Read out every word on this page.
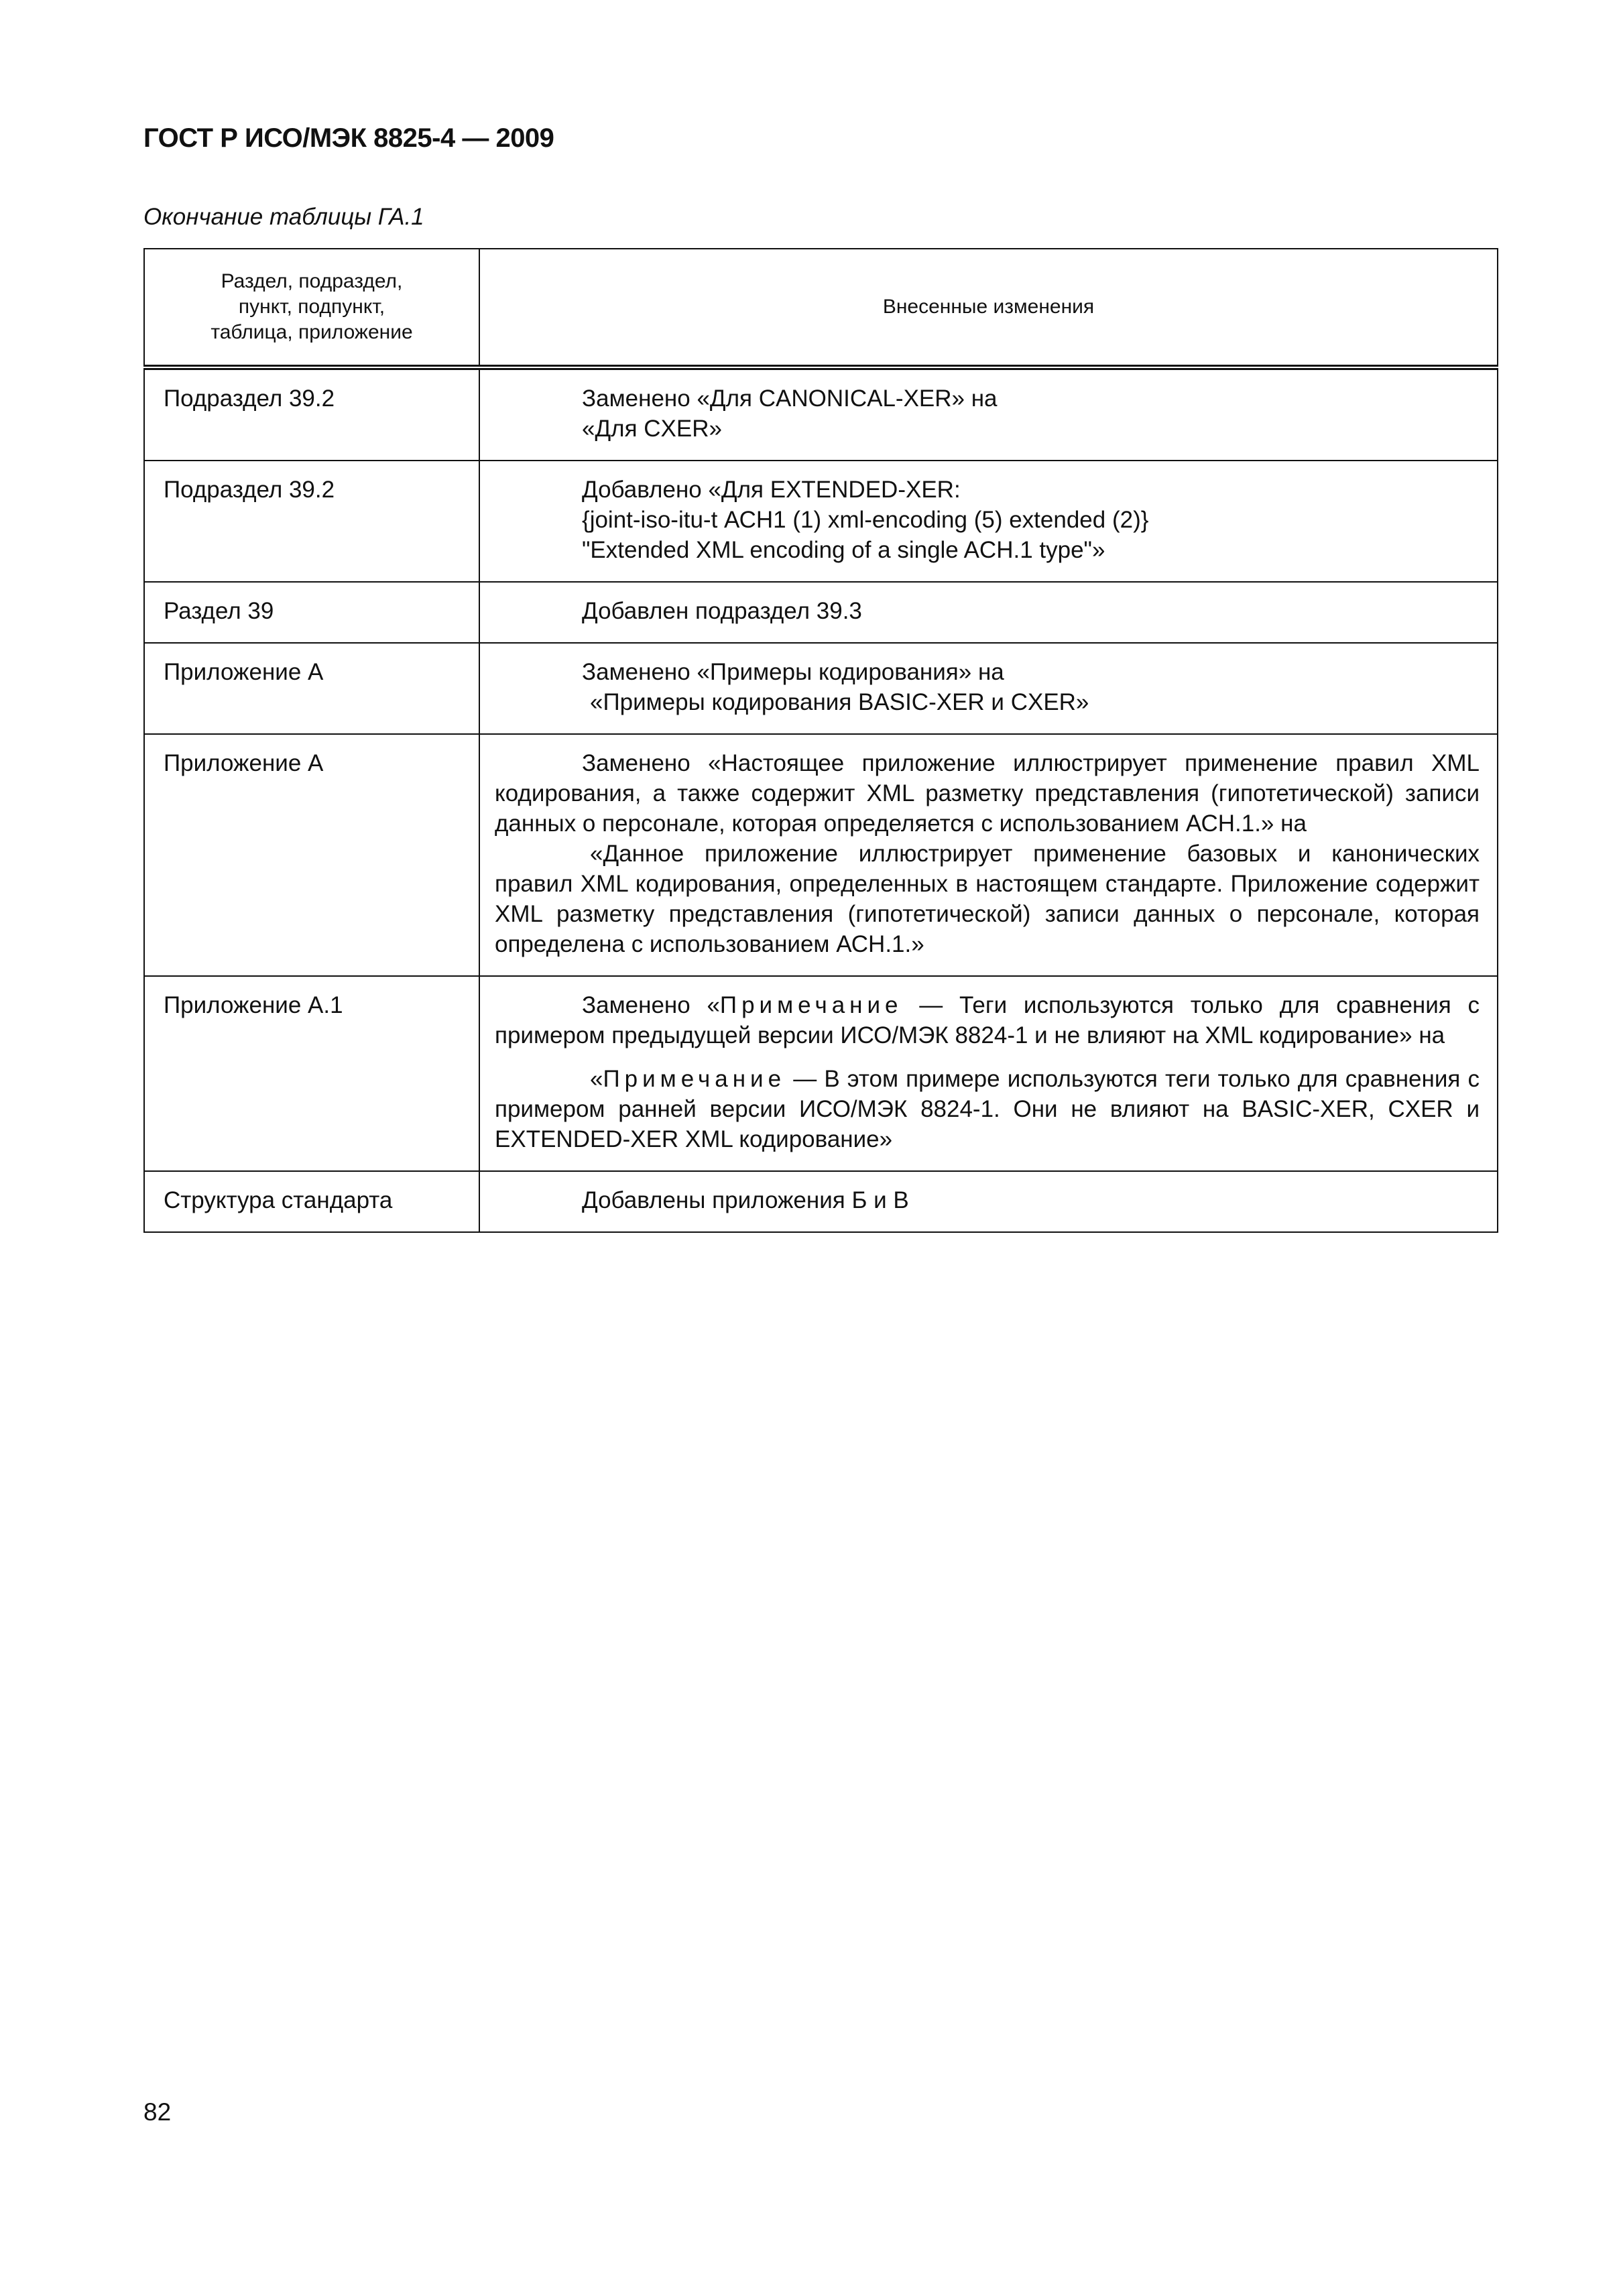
ГОСТ Р ИСО/МЭК 8825-4 — 2009
Окончание таблицы ГА.1
Раздел, подраздел,
пункт, подпункт,
таблица, приложение	Внесенные изменения
Подраздел 39.2	Заменено «Для CANONICAL-XER» на
«Для CXER»

Подраздел 39.2	Добавлено «Для EXTENDED-XER:
{joint-iso-itu-t АСН1 (1) xml-encoding (5) extended (2)}
"Extended XML encoding of a single ACH.1 type"»

Раздел 39	Добавлен подраздел 39.3

Приложение А	Заменено «Примеры кодирования» на
«Примеры кодирования BASIC-XER и CXER»

Приложение А	Заменено «Настоящее приложение иллюстрирует применение правил XML кодирования, а также содержит XML разметку представления (гипотетической) записи данных о персонале, которая определяется с использованием АСН.1.» на
«Данное приложение иллюстрирует применение базовых и канонических правил XML кодирования, определенных в настоящем стандарте. Приложение содержит XML разметку представления (гипотетической) записи данных о персонале, которая определена с использованием АСН.1.»

Приложение А.1	Заменено «Примечание — Теги используются только для сравнения с примером предыдущей версии ИСО/МЭК 8824-1 и не влияют на XML кодирование» на
«Примечание — В этом примере используются теги только для сравнения с примером ранней версии ИСО/МЭК 8824-1. Они не влияют на BASIC-XER, CXER и EXTENDED-XER XML кодирование»

Структура стандарта	Добавлены приложения Б и В
82
